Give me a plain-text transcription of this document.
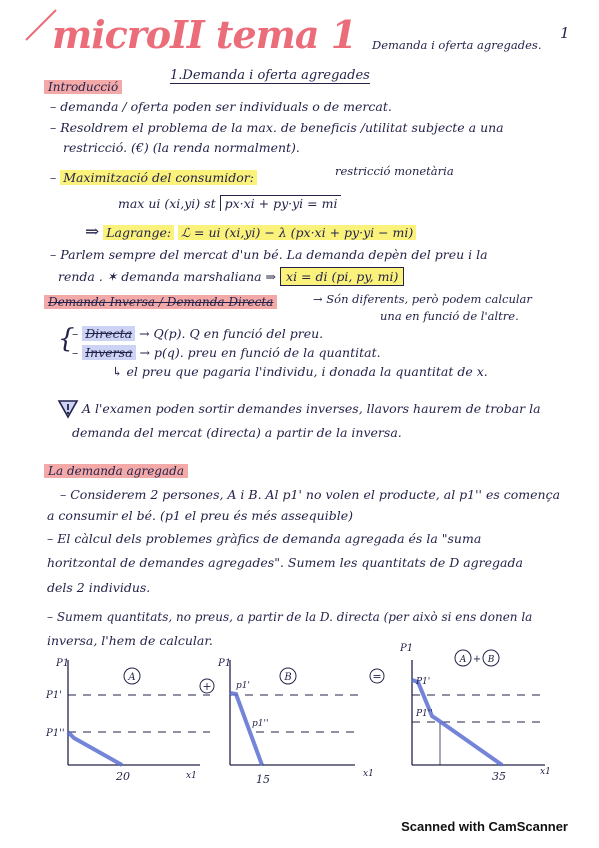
microII tema 1 Demanda i oferta agregades.
1
Introducció
1.Demanda i oferta agregades
– demanda / oferta poden ser individuals o de mercat.
– Resoldrem el problema de la max. de beneficis /utilitat subjecte a una
restricció. (€) (la renda normalment).
– Maximització del consumidor:	restricció monetària
max ui (xi,yi) st px·xi + py·yi = mi
⇒ Lagrange: ℒ = ui (xi,yi) − λ (px·xi + py·yi − mi)
– Parlem sempre del mercat d'un bé. La demanda depèn del preu i la
renda . ✶ demanda marshaliana ⇒ xi = di (pi, py, mi)
Demanda Inversa / Demanda Directa	→ Són diferents, però podem calcular
una en funció de l'altre.
{
– Directa → Q(p). Q en funció del preu.
– Inversa → p(q). preu en funció de la quantitat.
↳ el preu que pagaria l'individu, i donada la quantitat de x.
A l'examen poden sortir demandes inverses, llavors haurem de trobar la
demanda del mercat (directa) a partir de la inversa.
La demanda agregada
– Considerem 2 persones, A i B. Al p1' no volen el producte, al p1'' es comença
a consumir el bé. (p1 el preu és més assequible)
– El càlcul dels problemes gràfics de demanda agregada és la "suma
horitzontal de demandes agregades". Sumem les quantitats de D agregada
dels 2 individus.
– Sumem quantitats, no preus, a partir de la D. directa (per això si ens donen la
inversa, l'hem de calcular.
A
P1
P1'
P1''
20	x1
+
B
P1
p1'
p1''
15	x1
=
A + B
P1
P1'
P1''
35	x1
Scanned with CamScanner
